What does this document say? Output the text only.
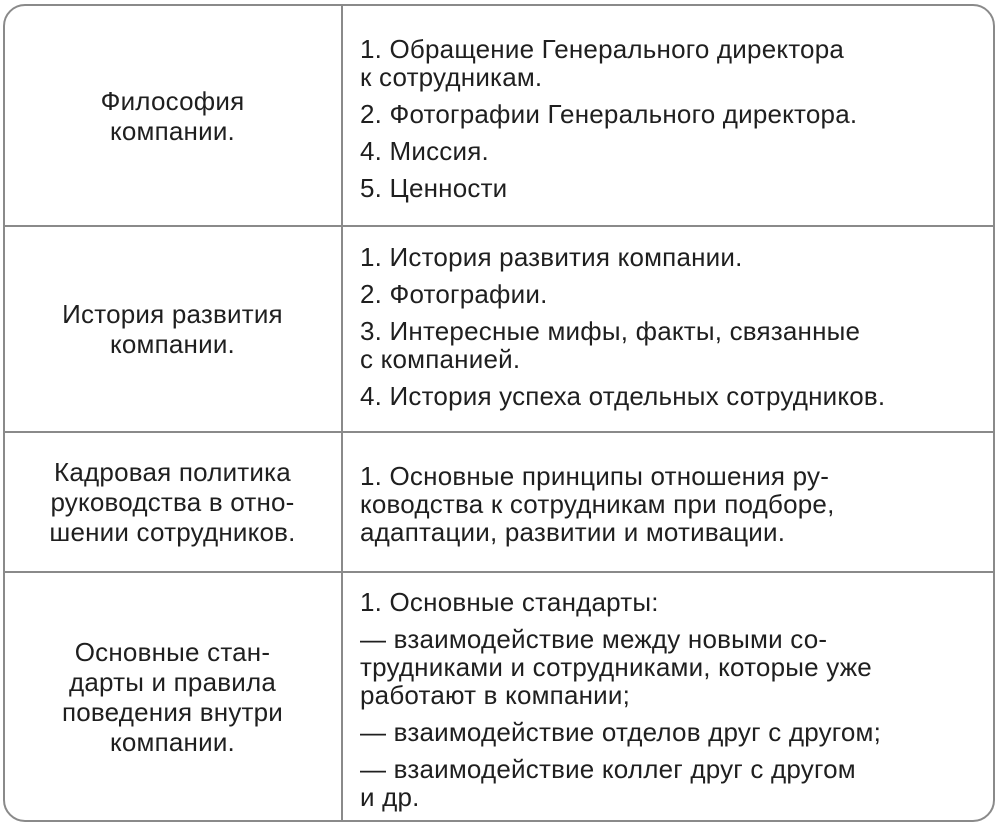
Философия
компании.

1. Обращение Генерального директора
к сотрудникам.

2. Фотографии Генерального директора.

4. Миссия.

5. Ценности

История развития
компании.

1. История развития компании.

2. Фотографии.

3. Интересные мифы, факты, связанные
с компанией.

4. История успеха отдельных сотрудников.

Кадровая политика
руководства в отно-
шении сотрудников.

1. Основные принципы отношения ру-
ководства к сотрудникам при подборе,
адаптации, развитии и мотивации.

Основные стан-
дарты и правила
поведения внутри
компании.

1. Основные стандарты:

— взаимодействие между новыми со-
трудниками и сотрудниками, которые уже
работают в компании;

— взаимодействие отделов друг с другом;

— взаимодействие коллег друг с другом
и др.
